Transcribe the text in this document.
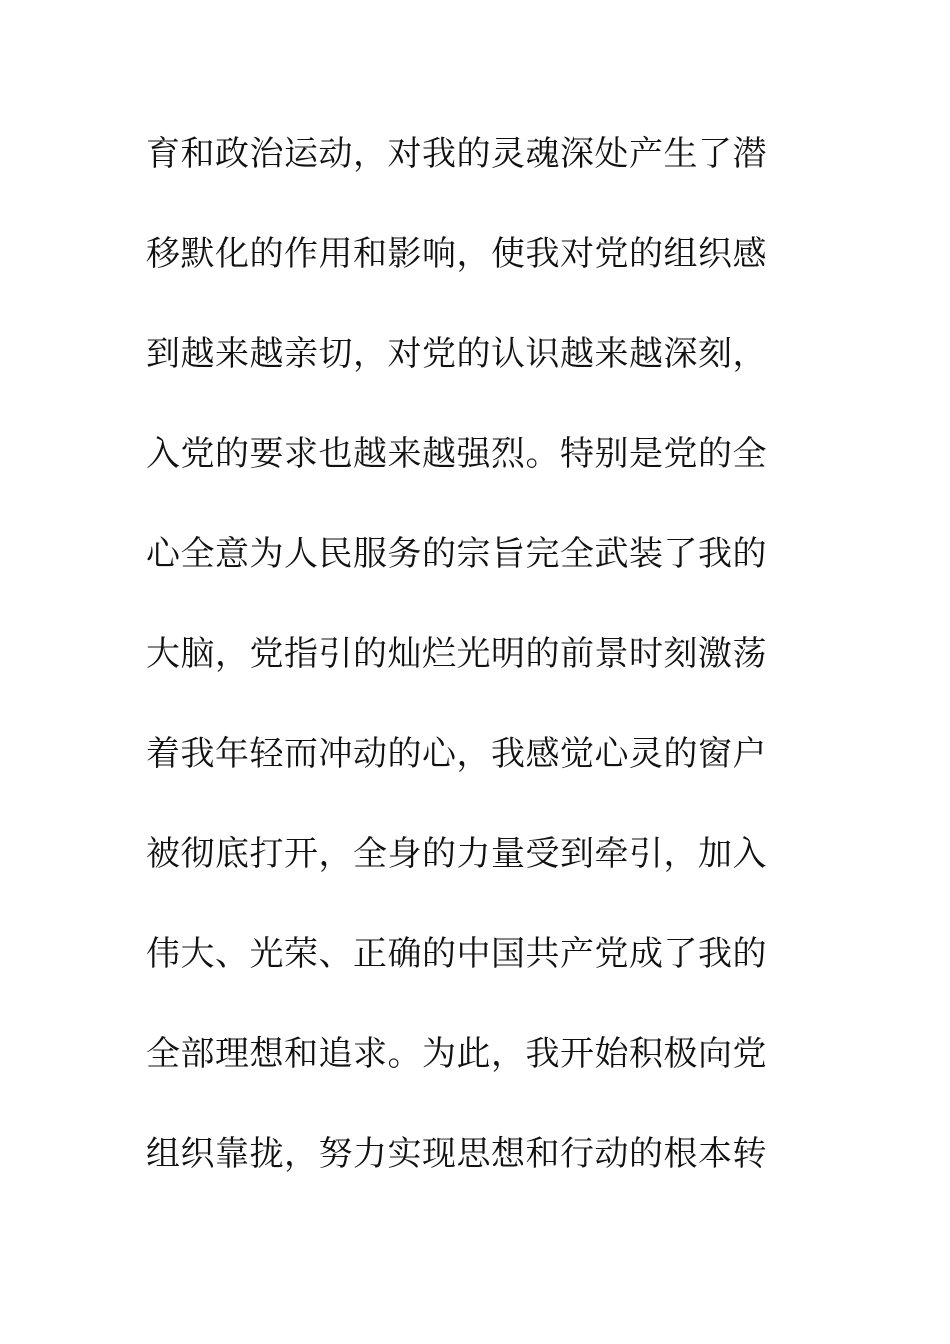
育和政治运动，对我的灵魂深处产生了潜
移默化的作用和影响，使我对党的组织感
到越来越亲切，对党的认识越来越深刻，
入党的要求也越来越强烈。特别是党的全
心全意为人民服务的宗旨完全武装了我的
大脑，党指引的灿烂光明的前景时刻激荡
着我年轻而冲动的心，我感觉心灵的窗户
被彻底打开，全身的力量受到牵引，加入
伟大、光荣、正确的中国共产党成了我的
全部理想和追求。为此，我开始积极向党
组织靠拢，努力实现思想和行动的根本转
